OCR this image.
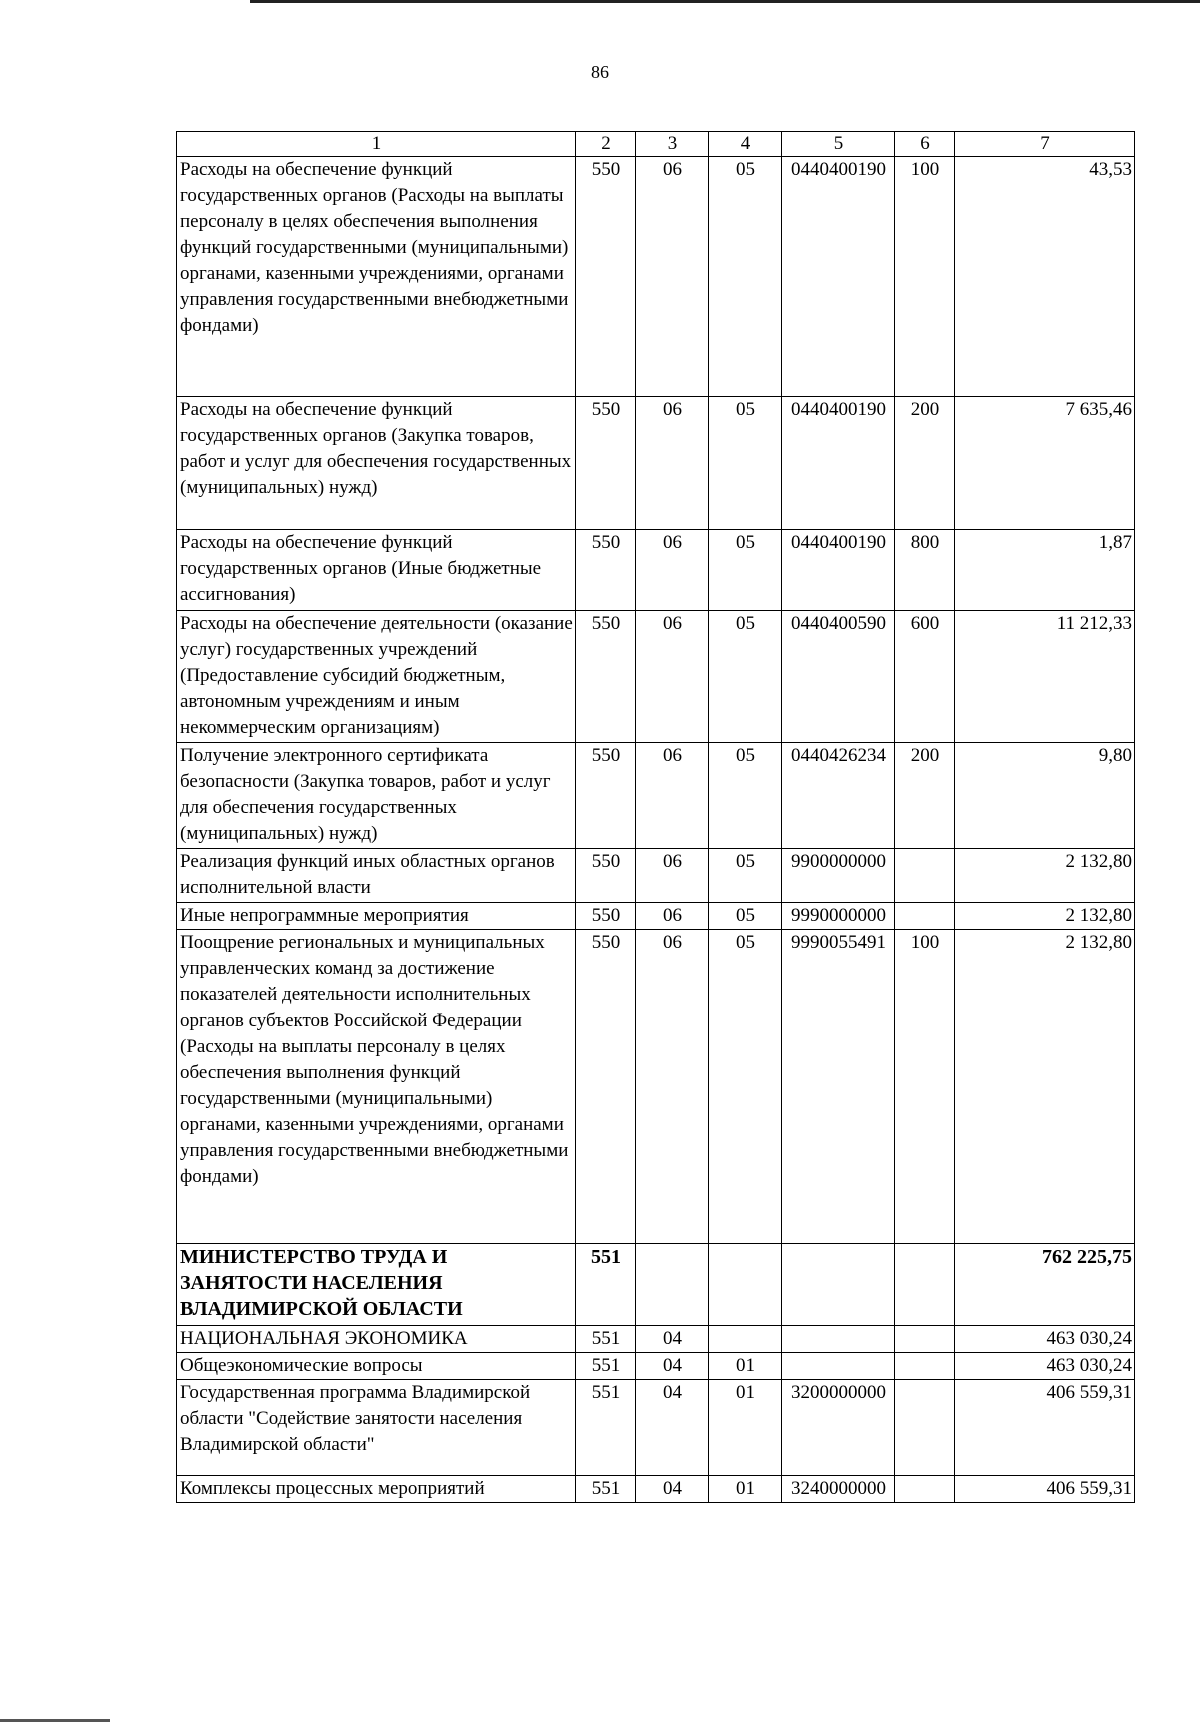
86
1	2	3	4	5	6	7
Расходы на обеспечение функций государственных органов (Расходы на выплаты персоналу в целях обеспечения выполнения функций государственными (муниципальными) органами, казенными учреждениями, органами управления государственными внебюджетными фондами)	550	06	05	0440400190	100	43,53
Расходы на обеспечение функций государственных органов (Закупка товаров, работ и услуг для обеспечения государственных (муниципальных) нужд)	550	06	05	0440400190	200	7 635,46
Расходы на обеспечение функций государственных органов (Иные бюджетные ассигнования)	550	06	05	0440400190	800	1,87
Расходы на обеспечение деятельности (оказание услуг) государственных учреждений (Предоставление субсидий бюджетным, автономным учреждениям и иным некоммерческим организациям)	550	06	05	0440400590	600	11 212,33
Получение электронного сертификата безопасности (Закупка товаров, работ и услуг для обеспечения государственных (муниципальных) нужд)	550	06	05	0440426234	200	9,80
Реализация функций иных областных органов исполнительной власти	550	06	05	9900000000		2 132,80
Иные непрограммные мероприятия	550	06	05	9990000000		2 132,80
Поощрение региональных и муниципальных управленческих команд за достижение показателей деятельности исполнительных органов субъектов Российской Федерации (Расходы на выплаты персоналу в целях обеспечения выполнения функций государственными (муниципальными) органами, казенными учреждениями, органами управления государственными внебюджетными фондами)	550	06	05	9990055491	100	2 132,80
МИНИСТЕРСТВО ТРУДА И ЗАНЯТОСТИ НАСЕЛЕНИЯ ВЛАДИМИРСКОЙ ОБЛАСТИ	551					762 225,75
НАЦИОНАЛЬНАЯ ЭКОНОМИКА	551	04				463 030,24
Общеэкономические вопросы	551	04	01			463 030,24
Государственная программа Владимирской области "Содействие занятости населения Владимирской области"	551	04	01	3200000000		406 559,31
Комплексы процессных мероприятий	551	04	01	3240000000		406 559,31
